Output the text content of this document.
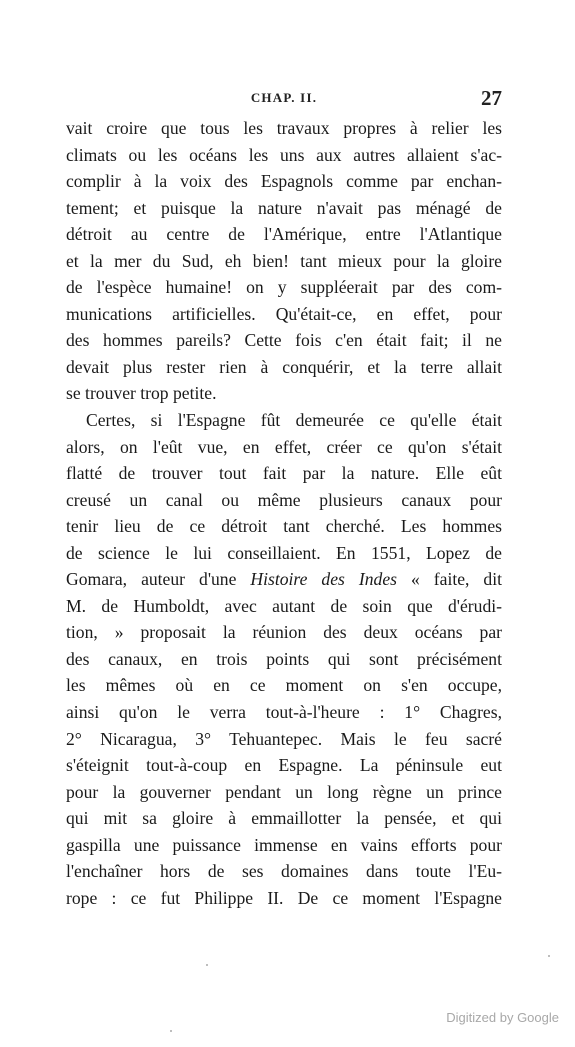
CHAP. II.	27
vait croire que tous les travaux propres à relier les
climats ou les océans les uns aux autres allaient s'ac-
complir à la voix des Espagnols comme par enchan-
tement; et puisque la nature n'avait pas ménagé de
détroit au centre de l'Amérique, entre l'Atlantique
et la mer du Sud, eh bien! tant mieux pour la gloire
de l'espèce humaine! on y suppléerait par des com-
munications artificielles. Qu'était-ce, en effet, pour
des hommes pareils? Cette fois c'en était fait; il ne
devait plus rester rien à conquérir, et la terre allait
se trouver trop petite.
Certes, si l'Espagne fût demeurée ce qu'elle était
alors, on l'eût vue, en effet, créer ce qu'on s'était
flatté de trouver tout fait par la nature. Elle eût
creusé un canal ou même plusieurs canaux pour
tenir lieu de ce détroit tant cherché. Les hommes
de science le lui conseillaient. En 1551, Lopez de
Gomara, auteur d'une Histoire des Indes « faite, dit
M. de Humboldt, avec autant de soin que d'érudi-
tion, » proposait la réunion des deux océans par
des canaux, en trois points qui sont précisément
les mêmes où en ce moment on s'en occupe,
ainsi qu'on le verra tout-à-l'heure : 1° Chagres,
2° Nicaragua, 3° Tehuantepec. Mais le feu sacré
s'éteignit tout-à-coup en Espagne. La péninsule eut
pour la gouverner pendant un long règne un prince
qui mit sa gloire à emmaillotter la pensée, et qui
gaspilla une puissance immense en vains efforts pour
l'enchaîner hors de ses domaines dans toute l'Eu-
rope : ce fut Philippe II. De ce moment l'Espagne
Digitized by Google
